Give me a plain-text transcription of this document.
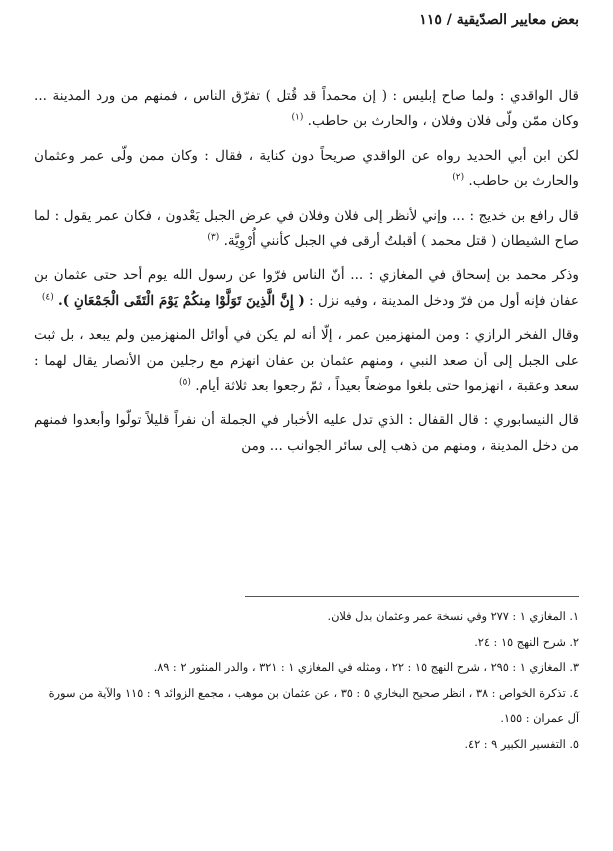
بعض معايير الصدّيقية / ١١٥

قال الواقدي : ولما صاح إبليس : ( إن محمداً قد قُتل ) تفرّق الناس ، فمنهم من ورد المدينة ... وكان ممّن ولّى فلان وفلان ، والحارث بن حاطب. $^{(١)}$

لكن ابن أبي الحديد رواه عن الواقدي صريحاً دون كناية ، فقال : وكان ممن ولّى عمر وعثمان والحارث بن حاطب. $^{(٢)}$

قال رافع بن خديج : ... وإني لأنظر إلى فلان وفلان في عرض الجبل يَعْدون ، فكان عمر يقول : لما صاح الشيطان ( قتل محمد ) أقبلتُ أرقى في الجبل كأنني أُرْوِيَّة. $^{(٣)}$

وذكر محمد بن إسحاق في المغازي : ... أنّ الناس فرّوا عن رسول الله يوم أحد حتى عثمان بن عفان فإنه أول من فرّ ودخل المدينة ، وفيه نزل : ( إِنَّ الَّذِينَ تَوَلَّوْا مِنكُمْ يَوْمَ الْتَقَى الْجَمْعَانِ ). $^{(٤)}$

وقال الفخر الرازي : ومن المنهزمين عمر ، إلّا أنه لم يكن في أوائل المنهزمين ولم يبعد ، بل ثبت على الجبل إلى أن صعد النبي ، ومنهم عثمان بن عفان انهزم مع رجلين من الأنصار يقال لهما : سعد وعقبة ، انهزموا حتى بلغوا موضعاً بعيداً ، ثمّ رجعوا بعد ثلاثة أيام. $^{(٥)}$

قال النيسابوري : قال القفال : الذي تدل عليه الأخبار في الجملة أن نفراً قليلاً تولّوا وأبعدوا فمنهم من دخل المدينة ، ومنهم من ذهب إلى سائر الجوانب ... ومن

١. المغازي ١ : ٢٧٧ وفي نسخة عمر وعثمان بدل فلان.

٢. شرح النهج ١٥ : ٢٤.

٣. المغازي ١ : ٢٩٥ ، شرح النهج ١٥ : ٢٢ ، ومثله في المغازي ١ : ٣٢١ ، والدر المنثور ٢ : ٨٩.

٤. تذكرة الخواص : ٣٨ ، انظر صحيح البخاري ٥ : ٣٥ ، عن عثمان بن موهب ، مجمع الزوائد ٩ : ١١٥ والآية من سورة آل عمران : ١٥٥.

٥. التفسير الكبير ٩ : ٤٢.
